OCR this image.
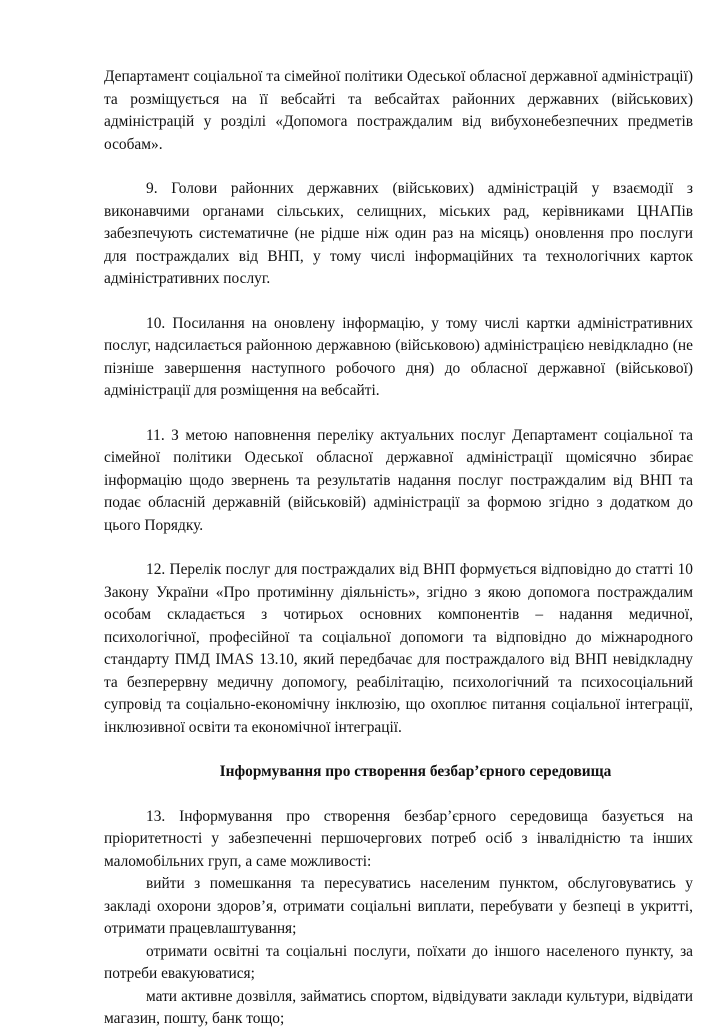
Департамент соціальної та сімейної політики Одеської обласної державної адміністрації) та розміщується на її вебсайті та вебсайтах районних державних (військових) адміністрацій у розділі «Допомога постраждалим від вибухонебезпечних предметів особам».

9. Голови районних державних (військових) адміністрацій у взаємодії з виконавчими органами сільських, селищних, міських рад, керівниками ЦНАПів забезпечують систематичне (не рідше ніж один раз на місяць) оновлення про послуги для постраждалих від ВНП, у тому числі інформаційних та технологічних карток адміністративних послуг.

10. Посилання на оновлену інформацію, у тому числі картки адміністративних послуг, надсилається районною державною (військовою) адміністрацією невідкладно (не пізніше завершення наступного робочого дня) до обласної державної (військової) адміністрації для розміщення на вебсайті.

11. З метою наповнення переліку актуальних послуг Департамент соціальної та сімейної політики Одеської обласної державної адміністрації щомісячно збирає інформацію щодо звернень та результатів надання послуг постраждалим від ВНП та подає обласній державній (військовій) адміністрації за формою згідно з додатком до цього Порядку.

12. Перелік послуг для постраждалих від ВНП формується відповідно до статті 10 Закону України «Про протимінну діяльність», згідно з якою допомога постраждалим особам складається з чотирьох основних компонентів – надання медичної, психологічної, професійної та соціальної допомоги та відповідно до міжнародного стандарту ПМД IMAS 13.10, який передбачає для постраждалого від ВНП невідкладну та безперервну медичну допомогу, реабілітацію, психологічний та психосоціальний супровід та соціально-економічну інклюзію, що охоплює питання соціальної інтеграції, інклюзивної освіти та економічної інтеграції.

Інформування про створення безбар’єрного середовища

13. Інформування про створення безбар’єрного середовища базується на пріоритетності у забезпеченні першочергових потреб осіб з інвалідністю та інших маломобільних груп, а саме можливості:

вийти з помешкання та пересуватись населеним пунктом, обслуговуватись у закладі охорони здоров’я, отримати соціальні виплати, перебувати у безпеці в укритті, отримати працевлаштування;

отримати освітні та соціальні послуги, поїхати до іншого населеного пункту, за потреби евакуюватися;

мати активне дозвілля, займатись спортом, відвідувати заклади культури, відвідати магазин, пошту, банк тощо;
